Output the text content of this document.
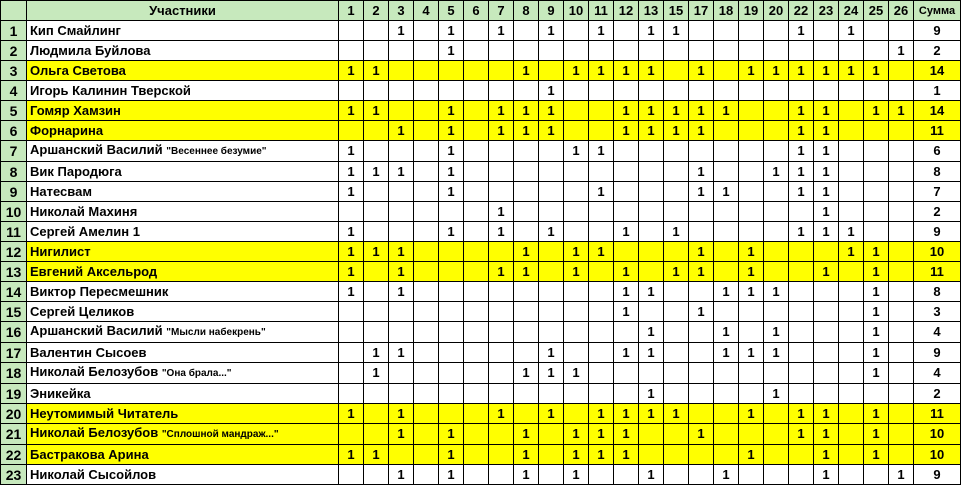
	Участники	1	2	3	4	5	6	7	8	9	10	11	12	13	15	17	18	19	20	22	23	24	25	26	Сумма
1	Кип Смайлинг			1		1		1		1		1		1	1					1		1			9
2	Людмила Буйлова					1																		1	2
3	Ольга Светова	1	1						1		1	1	1	1		1		1	1	1	1	1	1		14
4	Игорь Калинин Тверской									1															1
5	Гомяр Хамзин	1	1			1		1	1	1			1	1	1	1	1			1	1		1	1	14
6	Форнарина			1		1		1	1	1			1	1	1	1				1	1				11
7	Аршанский Василий "Весеннее безумие"	1				1					1	1								1	1				6
8	Вик Пародюга	1	1	1		1										1			1	1	1				8
9	Натесвам	1				1						1				1	1			1	1				7
10	Николай Махиня							1													1				2
11	Сергей Амелин 1	1				1		1		1			1		1					1	1	1			9
12	Нигилист	1	1	1					1		1	1				1		1				1	1		10
13	Евгений Аксельрод	1		1				1	1		1		1		1	1		1			1		1		11
14	Виктор Пересмешник	1		1									1	1			1	1	1				1		8
15	Сергей Целиков												1			1							1		3
16	Аршанский Василий "Мысли набекрень"													1			1		1				1		4
17	Валентин Сысоев		1	1						1			1	1			1	1	1				1		9
18	Николай Белозубов "Она брала..."		1						1	1	1												1		4
19	Эникейка													1					1						2
20	Неутомимый Читатель	1		1				1		1		1	1	1	1			1		1	1		1		11
21	Николай Белозубов "Сплошной мандраж..."			1		1			1		1	1	1			1				1	1		1		10
22	Бастракова Арина	1	1			1			1		1	1	1					1			1		1		10
23	Николай Сысойлов			1		1			1		1			1			1				1			1	9
